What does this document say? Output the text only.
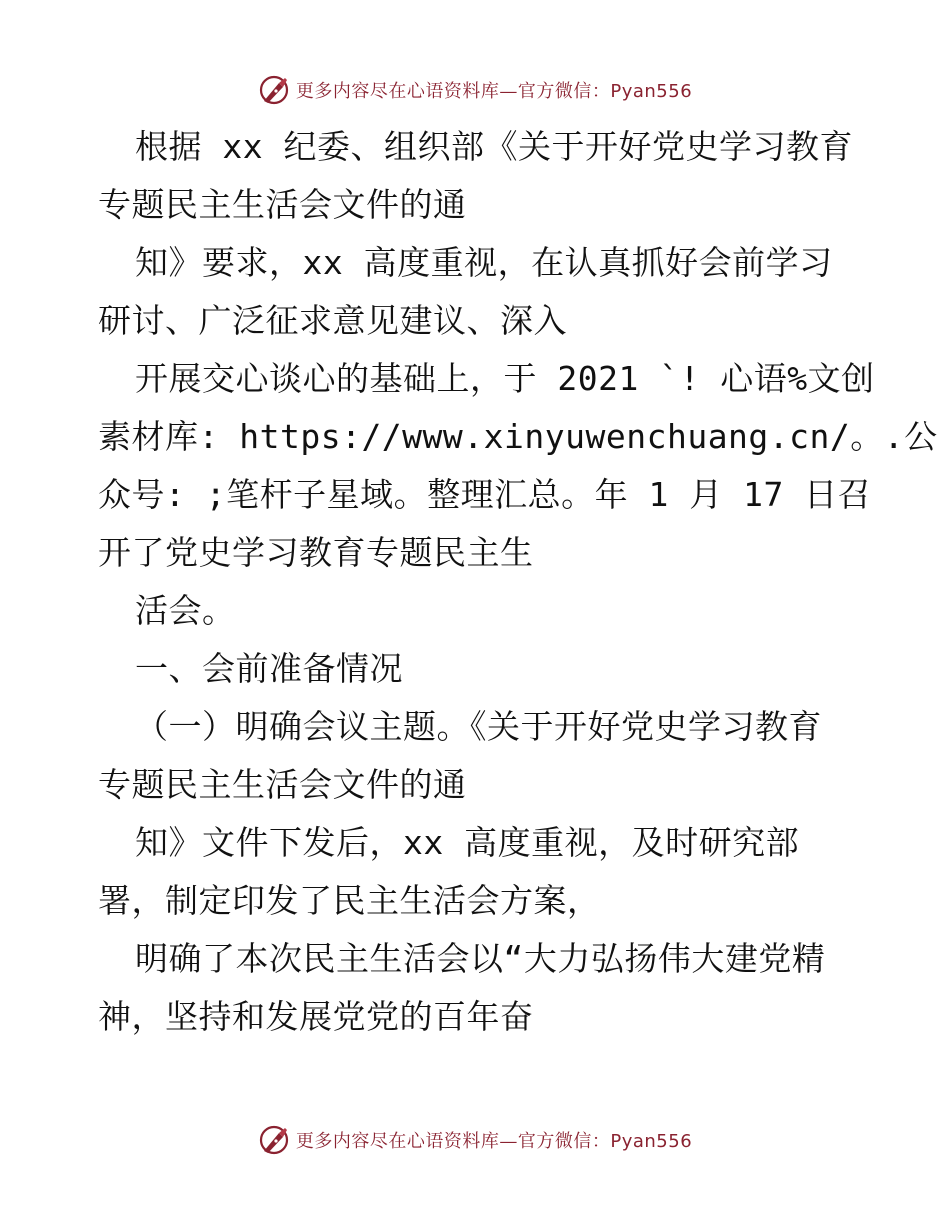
更多内容尽在心语资料库—官方微信：Pyan556
根据 xx 纪委、组织部《关于开好党史学习教育
专题民主生活会文件的通
知》要求，xx 高度重视，在认真抓好会前学习
研讨、广泛征求意见建议、深入
开展交心谈心的基础上，于 2021 `! 心语%文创
素材库: https://www.xinyuwenchuang.cn/。.公
众号: ;笔杆子星域。整理汇总。年 1 月 17 日召
开了党史学习教育专题民主生
活会。
一、会前准备情况
（一）明确会议主题。《关于开好党史学习教育
专题民主生活会文件的通
知》文件下发后，xx 高度重视，及时研究部
署，制定印发了民主生活会方案，
明确了本次民主生活会以“大力弘扬伟大建党精
神，坚持和发展党党的百年奋
更多内容尽在心语资料库—官方微信：Pyan556
